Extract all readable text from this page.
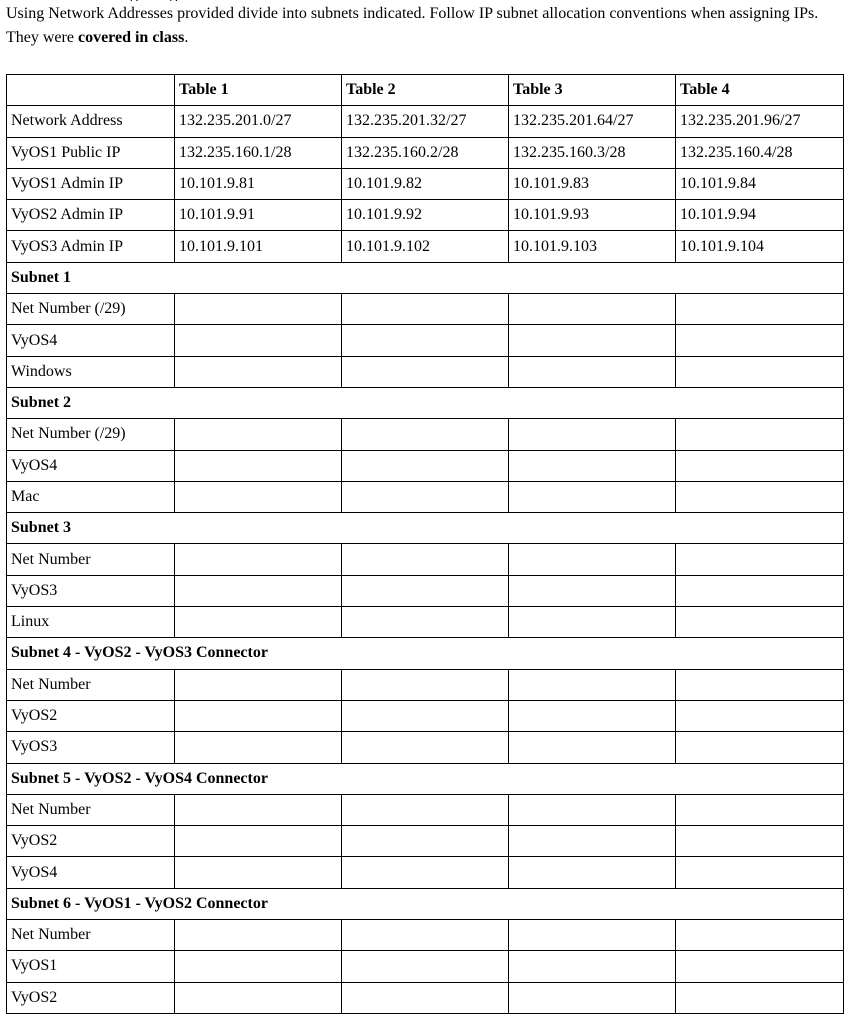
Using Network Addresses provided divide into subnets indicated. Follow IP subnet allocation conventions when assigning IPs. They were covered in class.

	Table 1	Table 2	Table 3	Table 4
Network Address	132.235.201.0/27	132.235.201.32/27	132.235.201.64/27	132.235.201.96/27
VyOS1 Public IP	132.235.160.1/28	132.235.160.2/28	132.235.160.3/28	132.235.160.4/28
VyOS1 Admin IP	10.101.9.81	10.101.9.82	10.101.9.83	10.101.9.84
VyOS2 Admin IP	10.101.9.91	10.101.9.92	10.101.9.93	10.101.9.94
VyOS3 Admin IP	10.101.9.101	10.101.9.102	10.101.9.103	10.101.9.104
Subnet 1				
Net Number (/29)				
VyOS4				
Windows				
Subnet 2				
Net Number (/29)				
VyOS4				
Mac				
Subnet 3				
Net Number				
VyOS3				
Linux				
Subnet 4 - VyOS2 - VyOS3 Connector				
Net Number				
VyOS2				
VyOS3				
Subnet 5 - VyOS2 - VyOS4 Connector				
Net Number				
VyOS2				
VyOS4				
Subnet 6 - VyOS1 - VyOS2 Connector				
Net Number				
VyOS1				
VyOS2				
